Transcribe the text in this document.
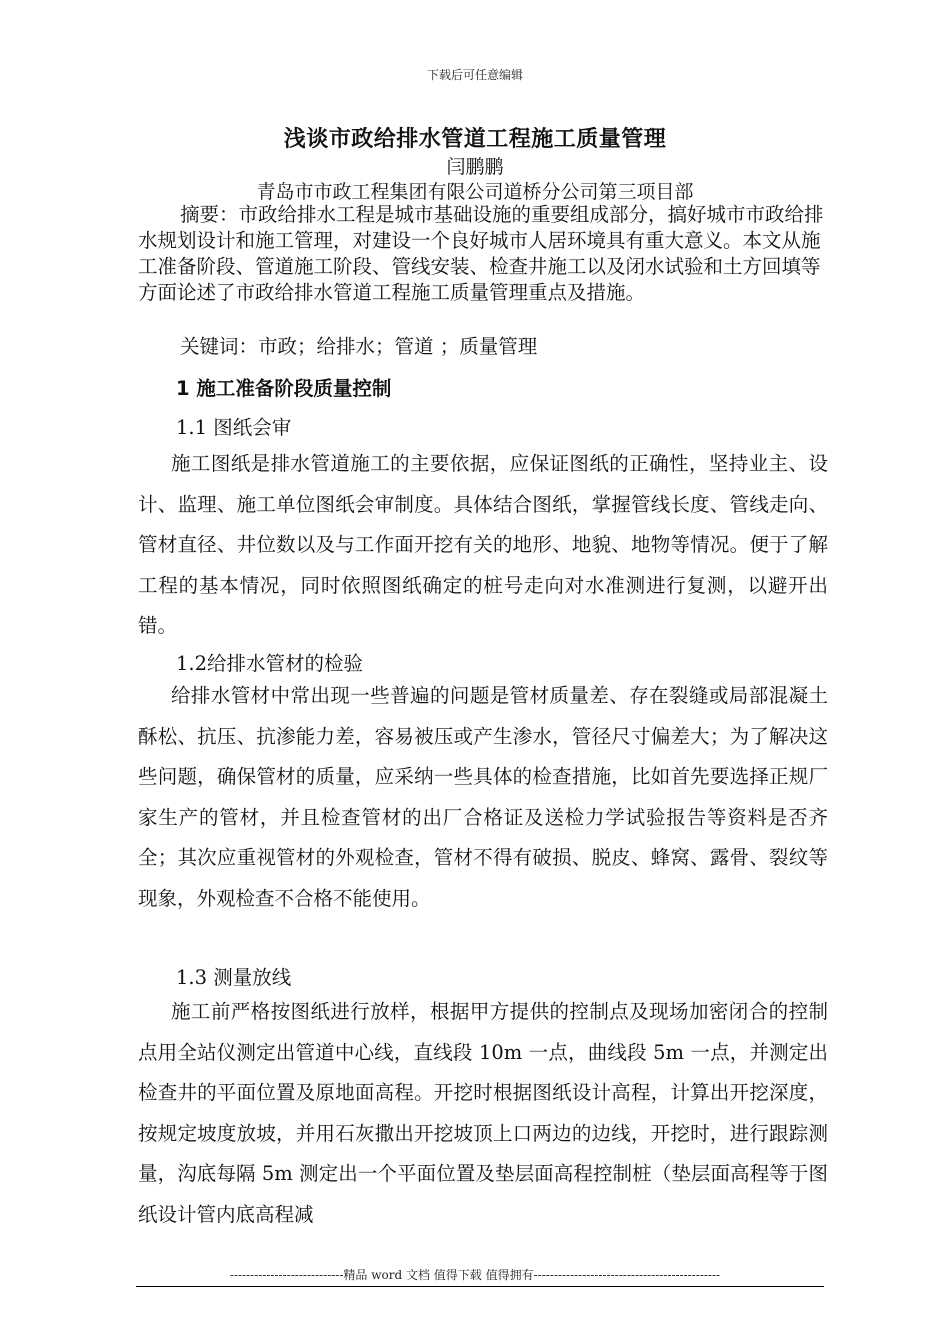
下载后可任意编辑
浅谈市政给排水管道工程施工质量管理
闫鹏鹏
青岛市市政工程集团有限公司道桥分公司第三项目部

摘要：市政给排水工程是城市基础设施的重要组成部分，搞好城市市政给排水规划设计和施工管理，对建设一个良好城市人居环境具有重大意义。本文从施工准备阶段、管道施工阶段、管线安装、检查井施工以及闭水试验和土方回填等方面论述了市政给排水管道工程施工质量管理重点及措施。

关键词：市政；给排水；管道 ；质量管理

1 施工准备阶段质量控制

1.1 图纸会审

施工图纸是排水管道施工的主要依据，应保证图纸的正确性，坚持业主、设计、监理、施工单位图纸会审制度。具体结合图纸，掌握管线长度、管线走向、管材直径、井位数以及与工作面开挖有关的地形、地貌、地物等情况。便于了解工程的基本情况，同时依照图纸确定的桩号走向对水准测进行复测，以避开出错。

1.2给排水管材的检验

给排水管材中常出现一些普遍的问题是管材质量差、存在裂缝或局部混凝土酥松、抗压、抗渗能力差，容易被压或产生渗水，管径尺寸偏差大；为了解决这些问题，确保管材的质量，应采纳一些具体的检查措施，比如首先要选择正规厂家生产的管材，并且检查管材的出厂合格证及送检力学试验报告等资料是否齐全；其次应重视管材的外观检查，管材不得有破损、脱皮、蜂窝、露骨、裂纹等现象，外观检查不合格不能使用。

1.3 测量放线

施工前严格按图纸进行放样，根据甲方提供的控制点及现场加密闭合的控制点用全站仪测定出管道中心线，直线段 10m 一点，曲线段 5m 一点，并测定出检查井的平面位置及原地面高程。开挖时根据图纸设计高程，计算出开挖深度，按规定坡度放坡，并用石灰撒出开挖坡顶上口两边的边线，开挖时，进行跟踪测量，沟底每隔 5m 测定出一个平面位置及垫层面高程控制桩（垫层面高程等于图纸设计管内底高程减

----------------------------精品 word 文档 值得下载 值得拥有----------------------------------------------
